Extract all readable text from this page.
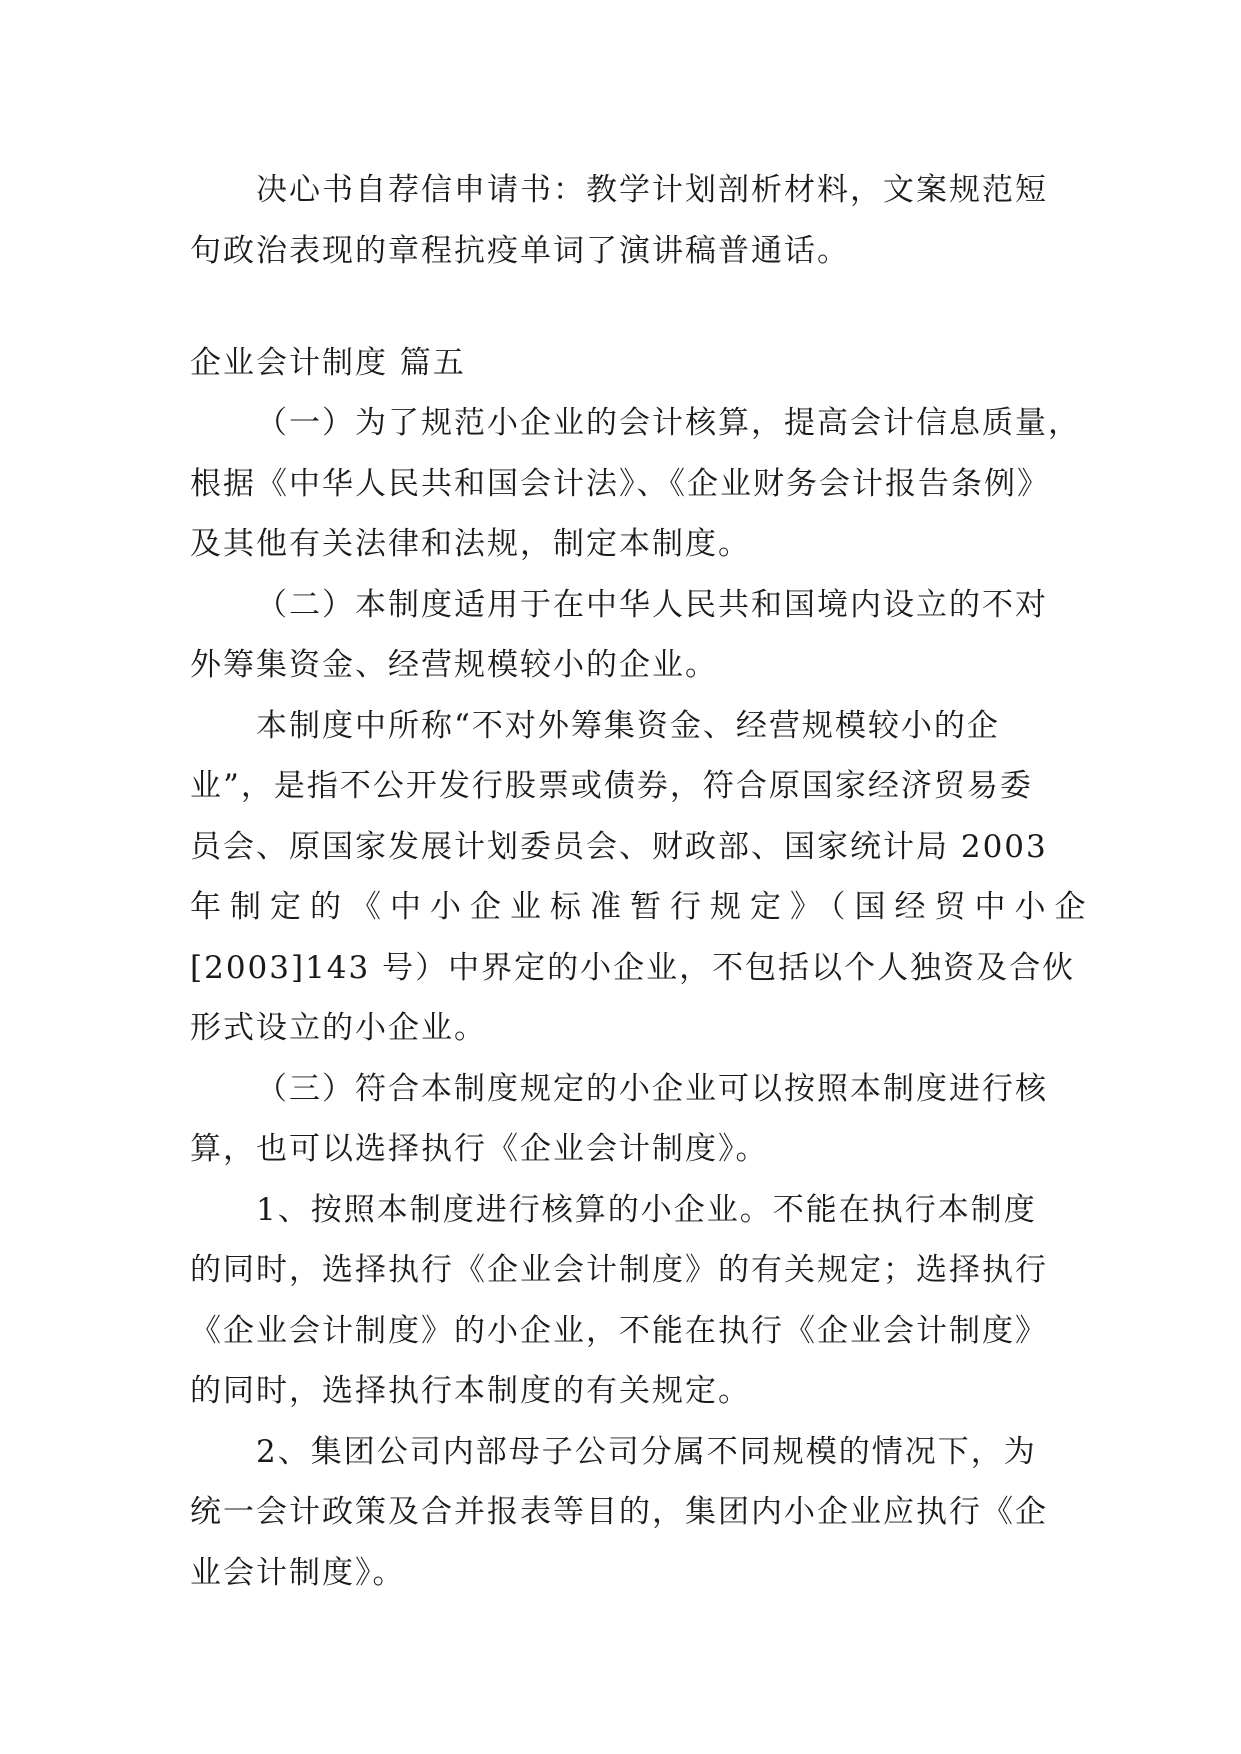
决心书自荐信申请书：教学计划剖析材料，文案规范短
句政治表现的章程抗疫单词了演讲稿普通话。
企业会计制度 篇五
（一）为了规范小企业的会计核算，提高会计信息质量，
根据《中华人民共和国会计法》、《企业财务会计报告条例》
及其他有关法律和法规，制定本制度。
（二）本制度适用于在中华人民共和国境内设立的不对
外筹集资金、经营规模较小的企业。
本制度中所称“不对外筹集资金、经营规模较小的企
业”，是指不公开发行股票或债券，符合原国家经济贸易委
员会、原国家发展计划委员会、财政部、国家统计局 2003
年制定的《中小企业标准暂行规定》（国经贸中小企
[2003]143 号）中界定的小企业，不包括以个人独资及合伙
形式设立的小企业。
（三）符合本制度规定的小企业可以按照本制度进行核
算，也可以选择执行《企业会计制度》。
1、按照本制度进行核算的小企业。不能在执行本制度
的同时，选择执行《企业会计制度》的有关规定；选择执行
《企业会计制度》的小企业，不能在执行《企业会计制度》
的同时，选择执行本制度的有关规定。
2、集团公司内部母子公司分属不同规模的情况下，为
统一会计政策及合并报表等目的，集团内小企业应执行《企
业会计制度》。
